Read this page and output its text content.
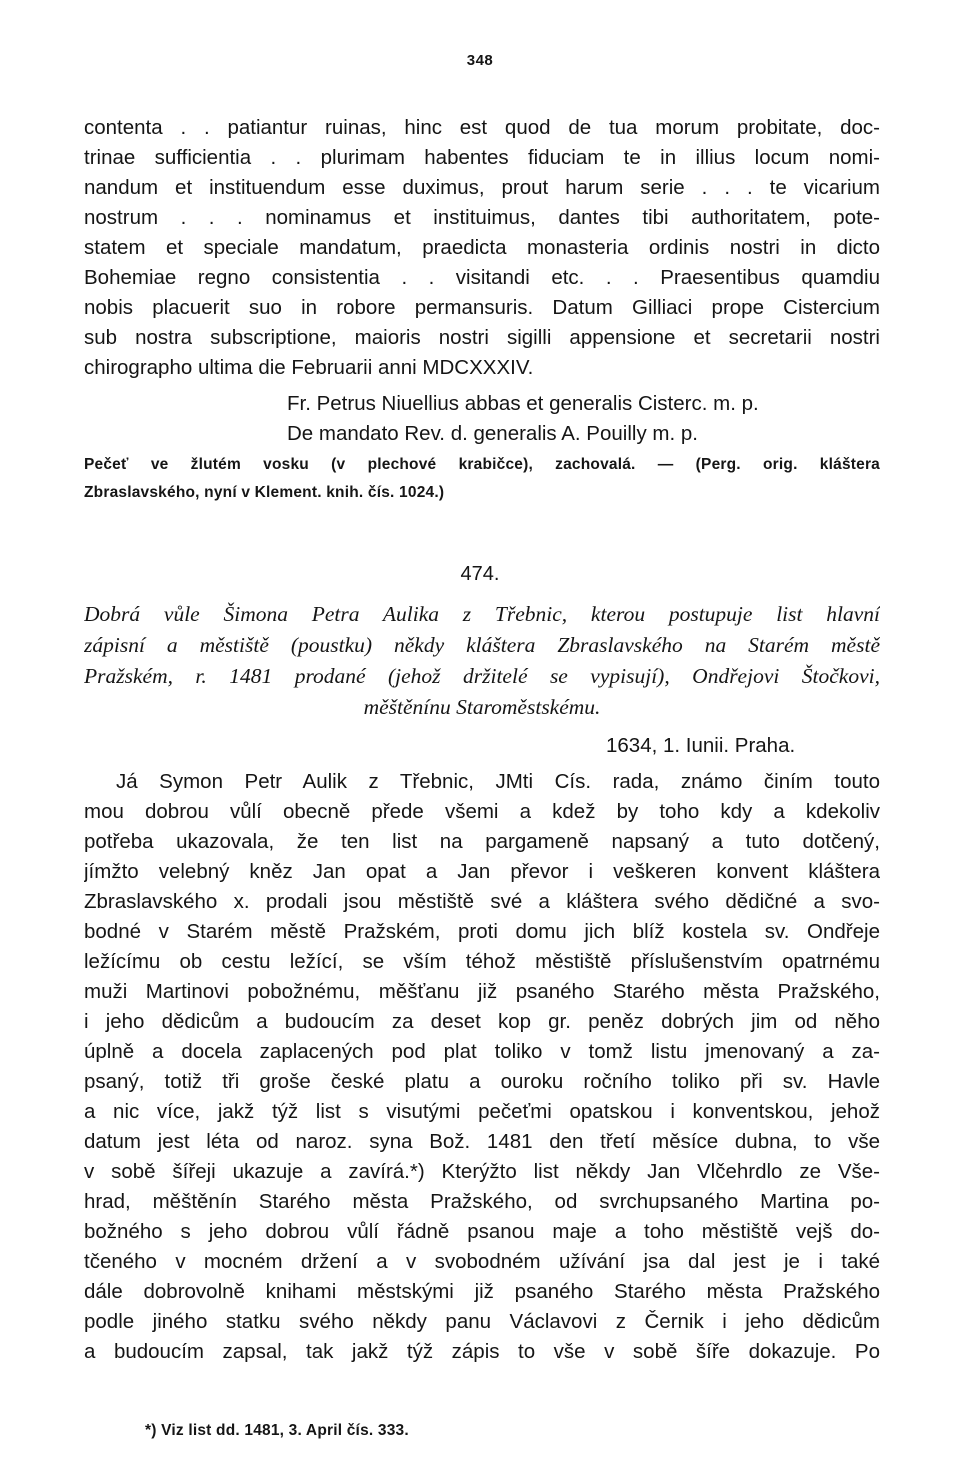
348
contenta . . patiantur ruinas, hinc est quod de tua morum probitate, doc-
trinae sufficientia . . plurimam habentes fiduciam te in illius locum nomi-
nandum et instituendum esse duximus, prout harum serie . . . te vicarium
nostrum . . . nominamus et instituimus, dantes tibi authoritatem, pote-
statem et speciale mandatum, praedicta monasteria ordinis nostri in dicto
Bohemiae regno consistentia . . visitandi etc. . . Praesentibus quamdiu
nobis placuerit suo in robore permansuris. Datum Gilliaci prope Cistercium
sub nostra subscriptione, maioris nostri sigilli appensione et secretarii nostri
chirographo ultima die Februarii anni MDCXXXIV.
Fr. Petrus Niuellius abbas et generalis Cisterc. m. p.
De mandato Rev. d. generalis A. Pouilly m. p.
Pečeť ve žlutém vosku (v plechové krabičce), zachovalá. — (Perg. orig. kláštera
Zbraslavského, nyní v Klement. knih. čís. 1024.)
474.
Dobrá vůle Šimona Petra Aulika z Třebnic, kterou postupuje list hlavní
zápisní a městiště (poustku) někdy kláštera Zbraslavského na Starém městě
Pražském, r. 1481 prodané (jehož držitelé se vypisují), Ondřejovi Štočkovi,
měštěnínu Staroměstskému.
1634, 1. Iunii. Praha.
Já Symon Petr Aulik z Třebnic, JMti Cís. rada, známo činím touto
mou dobrou vůlí obecně přede všemi a kdež by toho kdy a kdekoliv
potřeba ukazovala, že ten list na pargameně napsaný a tuto dotčený,
jímžto velebný kněz Jan opat a Jan převor i veškeren konvent kláštera
Zbraslavského x. prodali jsou městiště své a kláštera svého dědičné a svo-
bodné v Starém městě Pražském, proti domu jich blíž kostela sv. Ondřeje
ležícímu ob cestu ležící, se vším téhož městiště příslušenstvím opatrnému
muži Martinovi pobožnému, měšťanu již psaného Starého města Pražského,
i jeho dědicům a budoucím za deset kop gr. peněz dobrých jim od něho
úplně a docela zaplacených pod plat toliko v tomž listu jmenovaný a za-
psaný, totiž tři groše české platu a ouroku ročního toliko při sv. Havle
a nic více, jakž týž list s visutými pečeťmi opatskou i konventskou, jehož
datum jest léta od naroz. syna Bož. 1481 den třetí měsíce dubna, to vše
v sobě šířeji ukazuje a zavírá.*) Kterýžto list někdy Jan Vlčehrdlo ze Vše-
hrad, měštěnín Starého města Pražského, od svrchupsaného Martina po-
božného s jeho dobrou vůlí řádně psanou maje a toho městiště vejš do-
tčeného v mocném držení a v svobodném užívání jsa dal jest je i také
dále dobrovolně knihami městskými již psaného Starého města Pražského
podle jiného statku svého někdy panu Václavovi z Černik i jeho dědicům
a budoucím zapsal, tak jakž týž zápis to vše v sobě šíře dokazuje. Po
*) Viz list dd. 1481, 3. April čís. 333.
